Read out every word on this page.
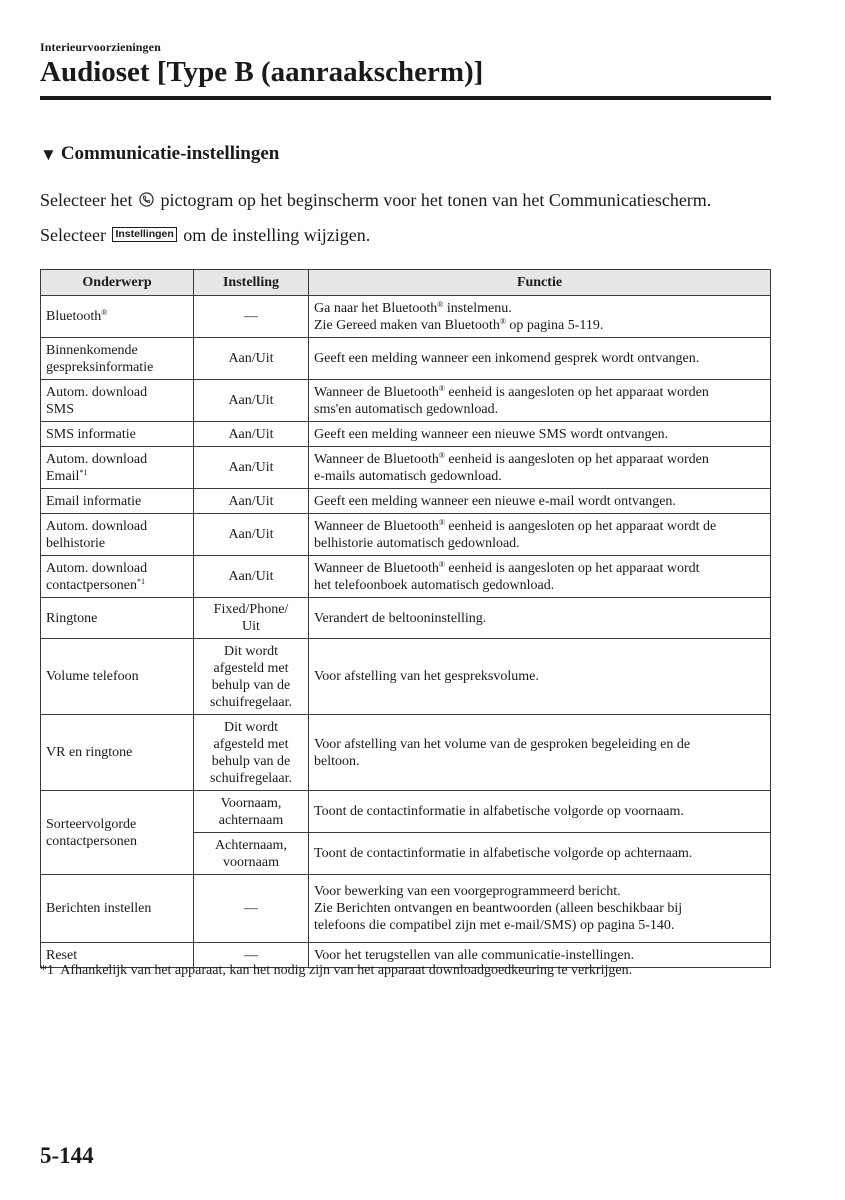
Interieurvoorzieningen
Audioset [Type B (aanraakscherm)]
▼ Communicatie-instellingen
Selecteer het pictogram op het beginscherm voor het tonen van het Communicatiescherm.
Selecteer Instellingen om de instelling wijzigen.
Onderwerp	Instelling	Functie
Bluetooth®	—	Ga naar het Bluetooth® instelmenu.
Zie Gereed maken van Bluetooth® op pagina 5-119.
Binnenkomende
gespreksinformatie	Aan/Uit	Geeft een melding wanneer een inkomend gesprek wordt ontvangen.
Autom. download
SMS	Aan/Uit	Wanneer de Bluetooth® eenheid is aangesloten op het apparaat worden
sms'en automatisch gedownload.
SMS informatie	Aan/Uit	Geeft een melding wanneer een nieuwe SMS wordt ontvangen.
Autom. download
Email$^{*1}$	Aan/Uit	Wanneer de Bluetooth® eenheid is aangesloten op het apparaat worden
e-mails automatisch gedownload.
Email informatie	Aan/Uit	Geeft een melding wanneer een nieuwe e-mail wordt ontvangen.
Autom. download
belhistorie	Aan/Uit	Wanneer de Bluetooth® eenheid is aangesloten op het apparaat wordt de
belhistorie automatisch gedownload.
Autom. download
contactpersonen$^{*1}$	Aan/Uit	Wanneer de Bluetooth® eenheid is aangesloten op het apparaat wordt
het telefoonboek automatisch gedownload.
Ringtone	Fixed/Phone/
Uit	Verandert de beltooninstelling.
Volume telefoon	Dit wordt
afgesteld met
behulp van de
schuifregelaar.	Voor afstelling van het gespreksvolume.
VR en ringtone	Dit wordt
afgesteld met
behulp van de
schuifregelaar.	Voor afstelling van het volume van de gesproken begeleiding en de
beltoon.
Sorteervolgorde
contactpersonen	Voornaam,
achternaam	Toont de contactinformatie in alfabetische volgorde op voornaam.
	Achternaam,
voornaam	Toont de contactinformatie in alfabetische volgorde op achternaam.
Berichten instellen	—	Voor bewerking van een voorgeprogrammeerd bericht.
Zie Berichten ontvangen en beantwoorden (alleen beschikbaar bij
telefoons die compatibel zijn met e-mail/SMS) op pagina 5-140.
Reset	—	Voor het terugstellen van alle communicatie-instellingen.
*1 Afhankelijk van het apparaat, kan het nodig zijn van het apparaat downloadgoedkeuring te verkrijgen.
5-144
